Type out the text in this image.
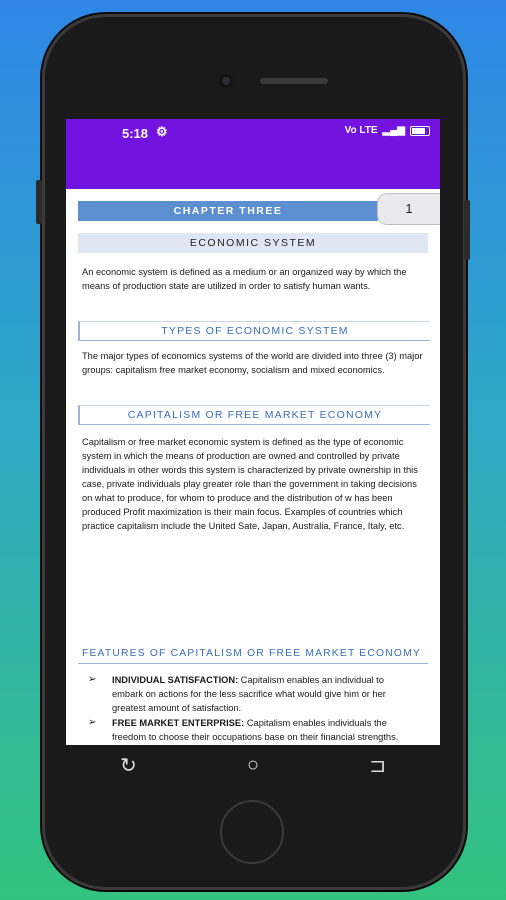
5:18 ⚙	Vo LTE ▂▄▆
CHAPTER THREE	1
ECONOMIC SYSTEM

An economic system is defined as a medium or an organized way by which the means of production state are utilized in order to satisfy human wants.

TYPES OF ECONOMIC SYSTEM

The major types of economics systems of the world are divided into three (3) major groups: capitalism free market economy, socialism and mixed economics.

CAPITALISM OR FREE MARKET ECONOMY

Capitalism or free market economic system is defined as the type of economic system in which the means of production are owned and controlled by private individuals in other words this system is characterized by private ownership in this case, private individuals play greater role than the government in taking decisions on what to produce, for whom to produce and the distribution of w has been produced Profit maximization is their main focus. Examples of countries which practice capitalism include the United Sate, Japan, Australia, France, Italy, etc.

FEATURES OF CAPITALISM OR FREE MARKET ECONOMY
➢ INDIVIDUAL SATISFACTION: Capitalism enables an individual to embark on actions for the less sacrifice what would give him or her greatest amount of satisfaction.
➢ FREE MARKET ENTERPRISE: Capitalism enables individuals the freedom to choose their occupations base on their financial strengths.
↻	○	⊐
